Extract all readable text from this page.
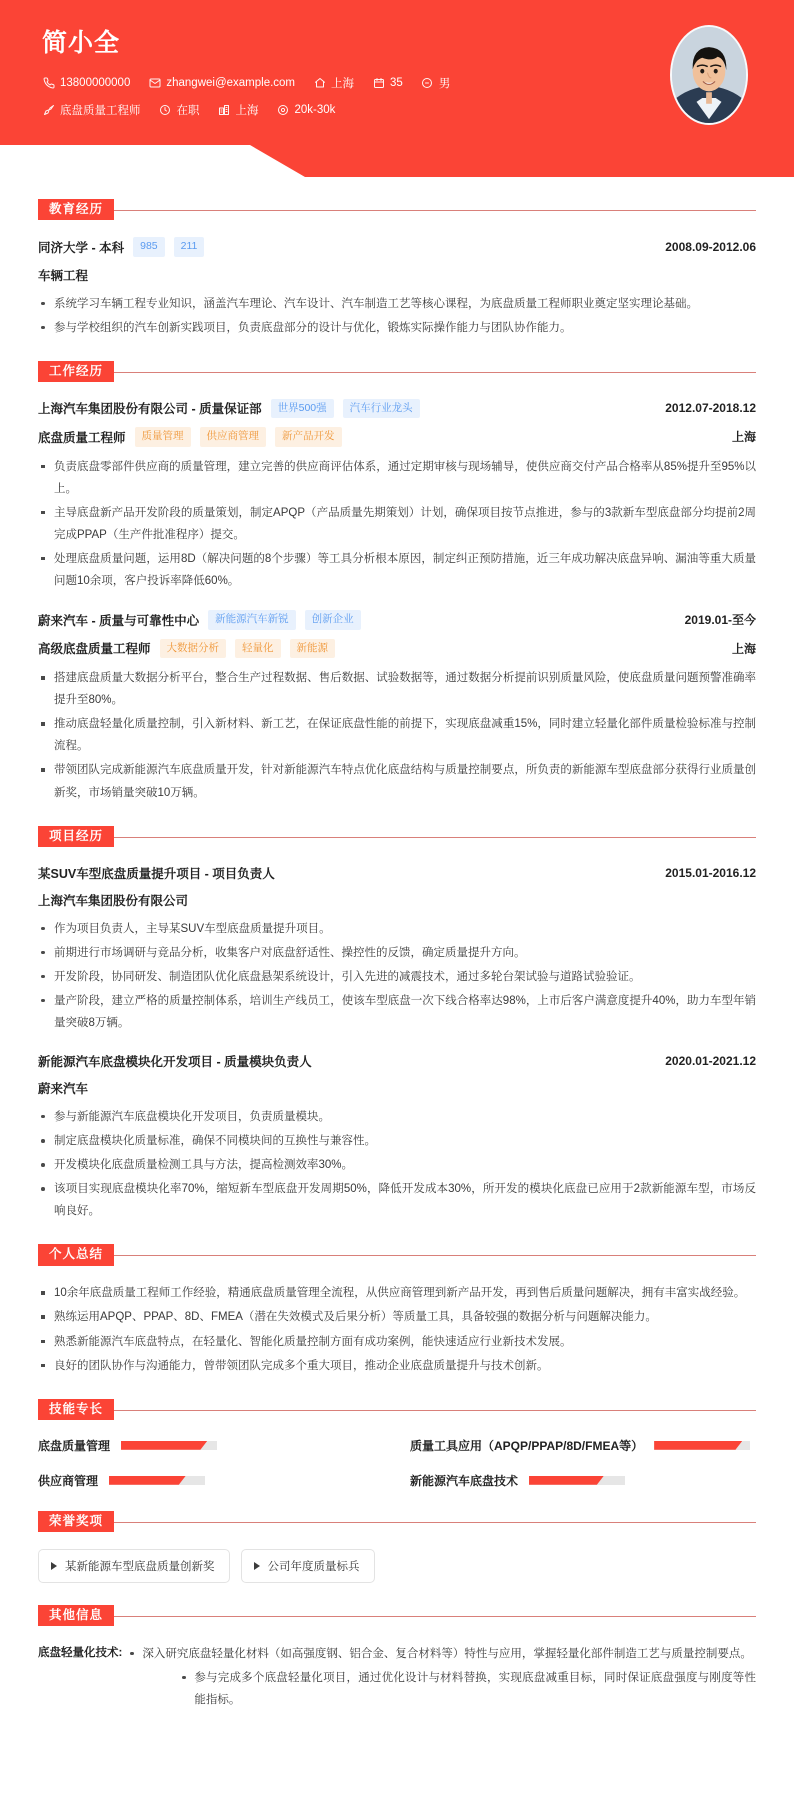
简小全
13800000000	zhangwei@example.com	上海	35	男
底盘质量工程师	在职	上海	20k-30k
教育经历
同济大学 - 本科	985	211	2008.09-2012.06
车辆工程
系统学习车辆工程专业知识，涵盖汽车理论、汽车设计、汽车制造工艺等核心课程，为底盘质量工程师职业奠定坚实理论基础。
参与学校组织的汽车创新实践项目，负责底盘部分的设计与优化，锻炼实际操作能力与团队协作能力。
工作经历
上海汽车集团股份有限公司 - 质量保证部	世界500强	汽车行业龙头	2012.07-2018.12
底盘质量工程师	质量管理	供应商管理	新产品开发	上海
负责底盘零部件供应商的质量管理，建立完善的供应商评估体系，通过定期审核与现场辅导，使供应商交付产品合格率从85%提升至95%以上。
主导底盘新产品开发阶段的质量策划，制定APQP（产品质量先期策划）计划，确保项目按节点推进，参与的3款新车型底盘部分均提前2周完成PPAP（生产件批准程序）提交。
处理底盘质量问题，运用8D（解决问题的8个步骤）等工具分析根本原因，制定纠正预防措施，近三年成功解决底盘异响、漏油等重大质量问题10余项，客户投诉率降低60%。
蔚来汽车 - 质量与可靠性中心	新能源汽车新锐	创新企业	2019.01-至今
高级底盘质量工程师	大数据分析	轻量化	新能源	上海
搭建底盘质量大数据分析平台，整合生产过程数据、售后数据、试验数据等，通过数据分析提前识别质量风险，使底盘质量问题预警准确率提升至80%。
推动底盘轻量化质量控制，引入新材料、新工艺，在保证底盘性能的前提下，实现底盘减重15%，同时建立轻量化部件质量检验标准与控制流程。
带领团队完成新能源汽车底盘质量开发，针对新能源汽车特点优化底盘结构与质量控制要点，所负责的新能源车型底盘部分获得行业质量创新奖，市场销量突破10万辆。
项目经历
某SUV车型底盘质量提升项目 - 项目负责人	2015.01-2016.12
上海汽车集团股份有限公司
作为项目负责人，主导某SUV车型底盘质量提升项目。
前期进行市场调研与竞品分析，收集客户对底盘舒适性、操控性的反馈，确定质量提升方向。
开发阶段，协同研发、制造团队优化底盘悬架系统设计，引入先进的减震技术，通过多轮台架试验与道路试验验证。
量产阶段，建立严格的质量控制体系，培训生产线员工，使该车型底盘一次下线合格率达98%，上市后客户满意度提升40%，助力车型年销量突破8万辆。
新能源汽车底盘模块化开发项目 - 质量模块负责人	2020.01-2021.12
蔚来汽车
参与新能源汽车底盘模块化开发项目，负责质量模块。
制定底盘模块化质量标准，确保不同模块间的互换性与兼容性。
开发模块化底盘质量检测工具与方法，提高检测效率30%。
该项目实现底盘模块化率70%，缩短新车型底盘开发周期50%，降低开发成本30%，所开发的模块化底盘已应用于2款新能源车型，市场反响良好。
个人总结
10余年底盘质量工程师工作经验，精通底盘质量管理全流程，从供应商管理到新产品开发，再到售后质量问题解决，拥有丰富实战经验。
熟练运用APQP、PPAP、8D、FMEA（潜在失效模式及后果分析）等质量工具，具备较强的数据分析与问题解决能力。
熟悉新能源汽车底盘特点，在轻量化、智能化质量控制方面有成功案例，能快速适应行业新技术发展。
良好的团队协作与沟通能力，曾带领团队完成多个重大项目，推动企业底盘质量提升与技术创新。
技能专长
底盘质量管理	质量工具应用（APQP/PPAP/8D/FMEA等）
供应商管理	新能源汽车底盘技术
荣誉奖项
某新能源车型底盘质量创新奖	公司年度质量标兵
其他信息
底盘轻量化技术:	深入研究底盘轻量化材料（如高强度钢、铝合金、复合材料等）特性与应用，掌握轻量化部件制造工艺与质量控制要点。
参与完成多个底盘轻量化项目，通过优化设计与材料替换，实现底盘减重目标，同时保证底盘强度与刚度等性能指标。
